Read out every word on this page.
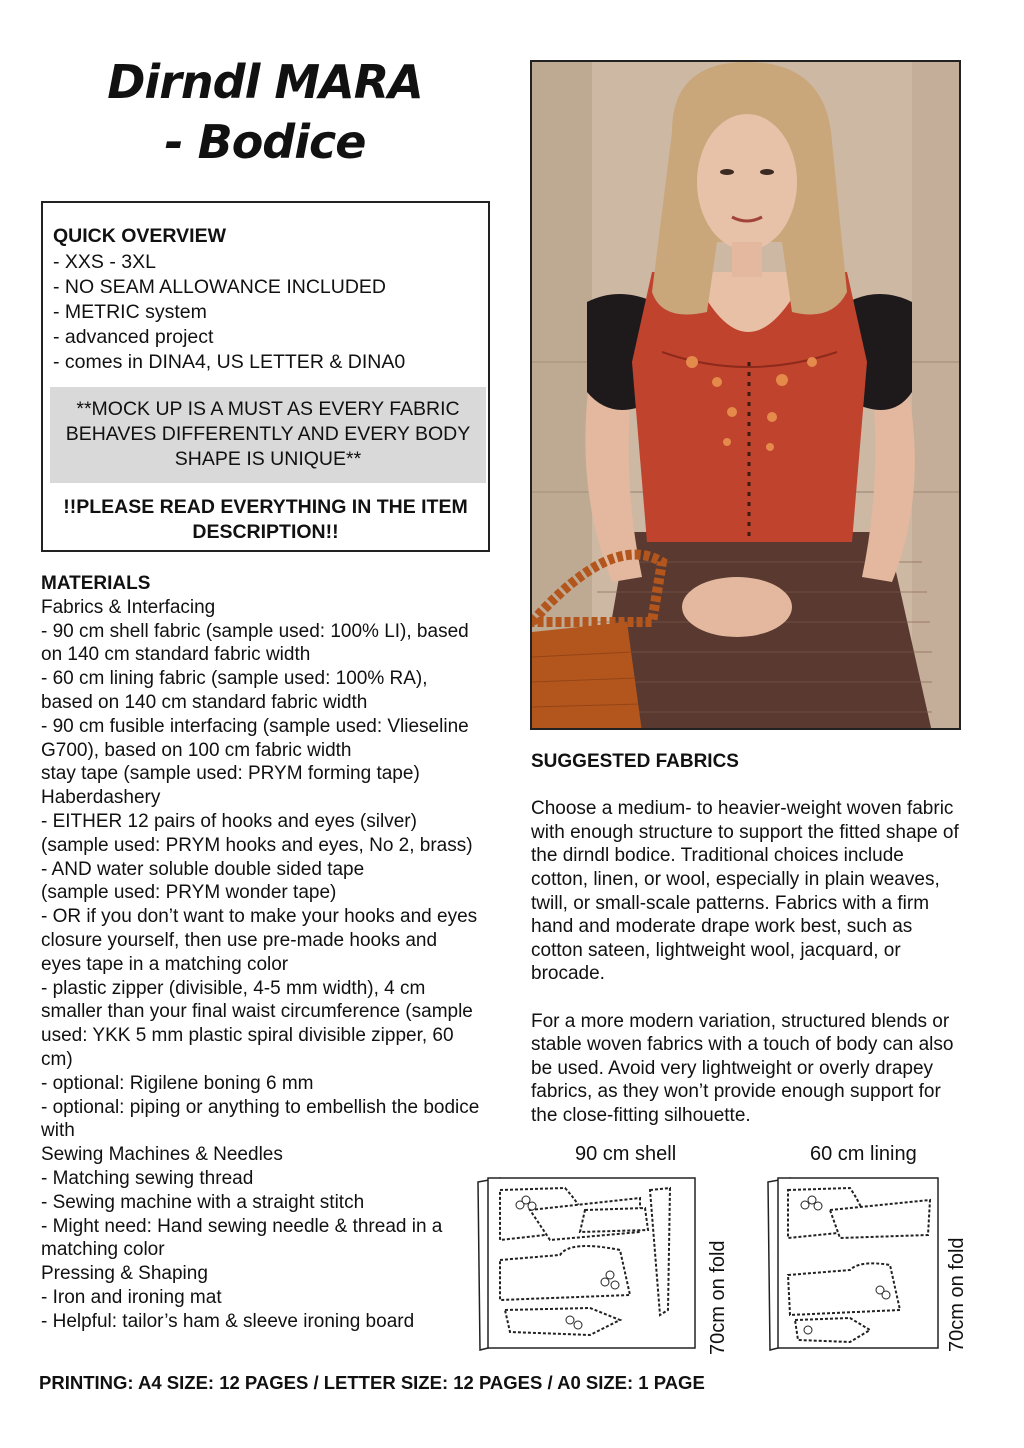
Dirndl MARA
- Bodice
QUICK OVERVIEW
- XXS - 3XL
- NO SEAM ALLOWANCE INCLUDED
- METRIC system
- advanced project
- comes in DINA4, US LETTER & DINA0
**MOCK UP IS A MUST AS EVERY FABRIC BEHAVES DIFFERENTLY AND EVERY BODY SHAPE IS UNIQUE**
!!PLEASE READ EVERYTHING IN THE ITEM DESCRIPTION!!
MATERIALS
Fabrics & Interfacing
- 90 cm shell fabric (sample used: 100% LI), based
on 140 cm standard fabric width
- 60 cm lining fabric (sample used: 100% RA),
based on 140 cm standard fabric width
- 90 cm fusible interfacing (sample used: Vlieseline
G700), based on 100 cm fabric width
stay tape (sample used: PRYM forming tape)
Haberdashery
- EITHER 12 pairs of hooks and eyes (silver)
(sample used: PRYM hooks and eyes, No 2, brass)
- AND water soluble double sided tape
(sample used: PRYM wonder tape)
- OR if you don’t want to make your hooks and eyes
closure yourself, then use pre-made hooks and
eyes tape in a matching color
- plastic zipper (divisible, 4-5 mm width), 4 cm
smaller than your final waist circumference (sample
used: YKK 5 mm plastic spiral divisible zipper, 60
cm)
- optional: Rigilene boning 6 mm
- optional: piping or anything to embellish the bodice
with
Sewing Machines & Needles
- Matching sewing thread
- Sewing machine with a straight stitch
- Might need: Hand sewing needle & thread in a
matching color
Pressing & Shaping
- Iron and ironing mat
- Helpful: tailor’s ham & sleeve ironing board
SUGGESTED FABRICS

Choose a medium- to heavier-weight woven fabric with enough structure to support the fitted shape of the dirndl bodice. Traditional choices include cotton, linen, or wool, especially in plain weaves, twill, or small-scale patterns. Fabrics with a firm hand and moderate drape work best, such as cotton sateen, lightweight wool, jacquard, or brocade.

For a more modern variation, structured blends or stable woven fabrics with a touch of body can also be used. Avoid very lightweight or overly drapey fabrics, as they won’t provide enough support for the close-fitting silhouette.

90 cm shell	60 cm lining
70cm on fold	70cm on fold
PRINTING: A4 SIZE: 12 PAGES / LETTER SIZE: 12 PAGES / A0 SIZE: 1 PAGE
